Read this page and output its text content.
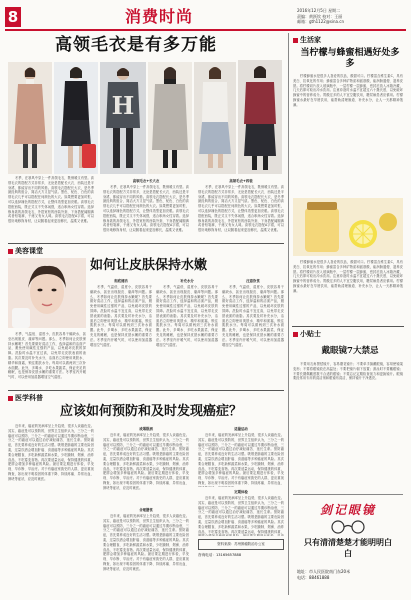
8	消费时尚	2016年12月5日 星期二
责编：黄跃钦 校对：王丽
邮箱：gth1122@sina.cn
高领毛衣是有多万能
H

冬季，在寒风中穿上一件高领毛衣，既保暖又有型。高领毛衣的搭配方式非常多，无论是搭配长大衣、西装还是半身裙，都能穿出不同的风格。高领毛衣搭配长大衣，是冬季最经典的组合，简洁大方又显气质。黑色、驼色、白色的高领毛衣几乎可以搭配任何颜色的大衣。如果想要更加时髦，可以选择撞色的搭配方式，让整体造型更加亮眼。高领毛衣搭配西装，既正式又不失休闲感，适合职场女性穿着。选择修身款的高领毛衣，外搭宽松的西装外套，下身搭配阔腿裤或者铅笔裤，干练又有女人味。高领毛衣搭配A字裙，可以很好地修饰身材，让双腿看起来更加修长，温柔又优雅。

高领毛衣+长大衣

冬季，在寒风中穿上一件高领毛衣，既保暖又有型。高领毛衣的搭配方式非常多，无论是搭配长大衣、西装还是半身裙，都能穿出不同的风格。高领毛衣搭配长大衣，是冬季最经典的组合，简洁大方又显气质。黑色、驼色、白色的高领毛衣几乎可以搭配任何颜色的大衣。如果想要更加时髦，可以选择撞色的搭配方式，让整体造型更加亮眼。高领毛衣搭配西装，既正式又不失休闲感，适合职场女性穿着。选择修身款的高领毛衣，外搭宽松的西装外套，下身搭配阔腿裤或者铅笔裤，干练又有女人味。高领毛衣搭配A字裙，可以很好地修饰身材，让双腿看起来更加修长，温柔又优雅。

高领毛衣+西装

冬季，在寒风中穿上一件高领毛衣，既保暖又有型。高领毛衣的搭配方式非常多，无论是搭配长大衣、西装还是半身裙，都能穿出不同的风格。高领毛衣搭配长大衣，是冬季最经典的组合，简洁大方又显气质。黑色、驼色、白色的高领毛衣几乎可以搭配任何颜色的大衣。如果想要更加时髦，可以选择撞色的搭配方式，让整体造型更加亮眼。高领毛衣搭配西装，既正式又不失休闲感，适合职场女性穿着。选择修身款的高领毛衣，外搭宽松的西装外套，下身搭配阔腿裤或者铅笔裤，干练又有女人味。高领毛衣搭配A字裙，可以很好地修饰身材，让双腿看起来更加修长，温柔又优雅。

美容课堂
如何让皮肤保持水嫩
彻底清洁

冬季，气温低、湿度小，皮肤容易干燥缺水，甚至出现脱皮、瘙痒等问题。那么，冬季如何让皮肤保持水嫩呢？首先要做好清洁工作，选择温和的洁面产品，避免使用碱性过强的产品，以免破坏皮肤的屏障。洗脸时水温不宜过高，以免带走皮肤表面的油脂。其次要及时补充水分，洁面后立即使用爽肤水、精华和面霜，锁住肌肤水分。每周可以做两到三次补水面膜。此外，多喝水、多吃水果蔬菜，保证充足的睡眠，也是保持皮肤水嫩的重要方法。冬季室内开暖气时，可以使用加湿器增加空气湿度。

补充水分

冬季，气温低、湿度小，皮肤容易干燥缺水，甚至出现脱皮、瘙痒等问题。那么，冬季如何让皮肤保持水嫩呢？首先要做好清洁工作，选择温和的洁面产品，避免使用碱性过强的产品，以免破坏皮肤的屏障。洗脸时水温不宜过高，以免带走皮肤表面的油脂。其次要及时补充水分，洁面后立即使用爽肤水、精华和面霜，锁住肌肤水分。每周可以做两到三次补水面膜。此外，多喝水、多吃水果蔬菜，保证充足的睡眠，也是保持皮肤水嫩的重要方法。冬季室内开暖气时，可以使用加湿器增加空气湿度。

注意饮食

冬季，气温低、湿度小，皮肤容易干燥缺水，甚至出现脱皮、瘙痒等问题。那么，冬季如何让皮肤保持水嫩呢？首先要做好清洁工作，选择温和的洁面产品，避免使用碱性过强的产品，以免破坏皮肤的屏障。洗脸时水温不宜过高，以免带走皮肤表面的油脂。其次要及时补充水分，洁面后立即使用爽肤水、精华和面霜，锁住肌肤水分。每周可以做两到三次补水面膜。此外，多喝水、多吃水果蔬菜，保证充足的睡眠，也是保持皮肤水嫩的重要方法。冬季室内开暖气时，可以使用加湿器增加空气湿度。

冬季，气温低、湿度小，皮肤容易干燥缺水，甚至出现脱皮、瘙痒等问题。那么，冬季如何让皮肤保持水嫩呢？首先要做好清洁工作，选择温和的洁面产品，避免使用碱性过强的产品，以免破坏皮肤的屏障。洗脸时水温不宜过高，以免带走皮肤表面的油脂。其次要及时补充水分，洁面后立即使用爽肤水、精华和面霜，锁住肌肤水分。每周可以做两到三次补水面膜。此外，多喝水、多吃水果蔬菜，保证充足的睡眠，也是保持皮肤水嫩的重要方法。冬季室内开暖气时，可以使用加湿器增加空气湿度。

医学科普
应该如何预防和及时发现癌症？

近年来，癌症的发病率呈上升趋势，很多人谈癌色变。其实，癌症是可以预防的，世界卫生组织认为，三分之一的癌症可以预防，三分之一的癌症可以通过早期诊断治愈，三分之一的癌症可以通过治疗减轻痛苦、延长生命。预防癌症，首先要养成良好的生活习惯。吸烟是肺癌的主要危险因素，过量饮酒会增加肝癌、食道癌等多种癌症的风险。其次要合理膳食，多吃新鲜蔬菜和水果，少吃腌制、烟熏、油炸食品，不吃霉变食物。再次要适量运动，保持健康的体重，肥胖会增加多种癌症的风险。最后要定期进行体检，早发现、早诊断、早治疗。对于有癌症家族史的人群，更应重视筛查，如出现不明原因的体重下降、持续疼痛、异常出血、肿块等症状，应及时就医。

戒烟限酒

近年来，癌症的发病率呈上升趋势，很多人谈癌色变。其实，癌症是可以预防的，世界卫生组织认为，三分之一的癌症可以预防，三分之一的癌症可以通过早期诊断治愈，三分之一的癌症可以通过治疗减轻痛苦、延长生命。预防癌症，首先要养成良好的生活习惯。吸烟是肺癌的主要危险因素，过量饮酒会增加肝癌、食道癌等多种癌症的风险。其次要合理膳食，多吃新鲜蔬菜和水果，少吃腌制、烟熏、油炸食品，不吃霉变食物。再次要适量运动，保持健康的体重，肥胖会增加多种癌症的风险。最后要定期进行体检，早发现、早诊断、早治疗。对于有癌症家族史的人群，更应重视筛查，如出现不明原因的体重下降、持续疼痛、异常出血、肿块等症状，应及时就医。

合理膳食

近年来，癌症的发病率呈上升趋势，很多人谈癌色变。其实，癌症是可以预防的，世界卫生组织认为，三分之一的癌症可以预防，三分之一的癌症可以通过早期诊断治愈，三分之一的癌症可以通过治疗减轻痛苦、延长生命。预防癌症，首先要养成良好的生活习惯。吸烟是肺癌的主要危险因素，过量饮酒会增加肝癌、食道癌等多种癌症的风险。其次要合理膳食，多吃新鲜蔬菜和水果，少吃腌制、烟熏、油炸食品，不吃霉变食物。再次要适量运动，保持健康的体重，肥胖会增加多种癌症的风险。最后要定期进行体检，早发现、早诊断、早治疗。对于有癌症家族史的人群，更应重视筛查，如出现不明原因的体重下降、持续疼痛、异常出血、肿块等症状，应及时就医。

适量运动

近年来，癌症的发病率呈上升趋势，很多人谈癌色变。其实，癌症是可以预防的，世界卫生组织认为，三分之一的癌症可以预防，三分之一的癌症可以通过早期诊断治愈，三分之一的癌症可以通过治疗减轻痛苦、延长生命。预防癌症，首先要养成良好的生活习惯。吸烟是肺癌的主要危险因素，过量饮酒会增加肝癌、食道癌等多种癌症的风险。其次要合理膳食，多吃新鲜蔬菜和水果，少吃腌制、烟熏、油炸食品，不吃霉变食物。再次要适量运动，保持健康的体重，肥胖会增加多种癌症的风险。最后要定期进行体检，早发现、早诊断、早治疗。对于有癌症家族史的人群，更应重视筛查，如出现不明原因的体重下降、持续疼痛、异常出血、

定期体检

近年来，癌症的发病率呈上升趋势，很多人谈癌色变。其实，癌症是可以预防的，世界卫生组织认为，三分之一的癌症可以预防，三分之一的癌症可以通过早期诊断治愈，三分之一的癌症可以通过治疗减轻痛苦、延长生命。预防癌症，首先要养成良好的生活习惯。吸烟是肺癌的主要危险因素，过量饮酒会增加肝癌、食道癌等多种癌症的风险。其次要合理膳食，多吃新鲜蔬菜和水果，少吃腌制、烟熏、油炸食品，不吃霉变食物。再次要适量运动，保持健康的体重，

资料来源：苏州肿瘤防治办公室
咨询电话：13165657888
生活家
当柠檬与蜂蜜相遇好处多多

柠檬蜂蜜水是很多人喜爱的饮品，酸甜可口。柠檬富含维生素C，具有美白、抗氧化的作用；蜂蜜富含多种矿物质和氨基酸，能润肠通便、滋养皮肤。将柠檬切片放入玻璃瓶中，一层柠檬一层蜂蜜，密封后放入冰箱冷藏，几天后即可取出冲水饮用。注意冲泡时水温不宜超过六十摄氏度，以免破坏蜂蜜中的营养成分。胃酸过多的人不宜空腹饮用，糖尿病患者应慎用。柠檬蜂蜜水最好在早晨饮用，能帮助清理肠道、补充水分，让人一天都精神饱满。

柠檬蜂蜜水是很多人喜爱的饮品，酸甜可口。柠檬富含维生素C，具有美白、抗氧化的作用；蜂蜜富含多种矿物质和氨基酸，能润肠通便、滋养皮肤。将柠檬切片放入玻璃瓶中，一层柠檬一层蜂蜜，密封后放入冰箱冷藏，几天后即可取出冲水饮用。注意冲泡时水温不宜超过六十摄氏度，以免破坏蜂蜜中的营养成分。胃酸过多的人不宜空腹饮用，糖尿病患者应慎用。柠檬蜂蜜水最好在早晨饮用，能帮助清理肠道、补充水分，让人一天都精神饱满。

小贴士
戴眼镜7大禁忌

不要用衣角擦拭镜片，容易磨花镜片；不要单手摘戴眼镜，容易使镜架变形；不要将眼镜放在高温处；不要把镜片朝下放置；游泳时不要戴眼镜；不要长期佩戴度数不合适的眼镜；不要忘记定期检查视力和更换镜片。眼镜要经常用专用的清洁剂和眼镜布清洁，保持镜片干净透亮。

剑记眼镜
只有清清楚楚才能明明白白
地址：市人民医院南门东20米
电话：88461888
